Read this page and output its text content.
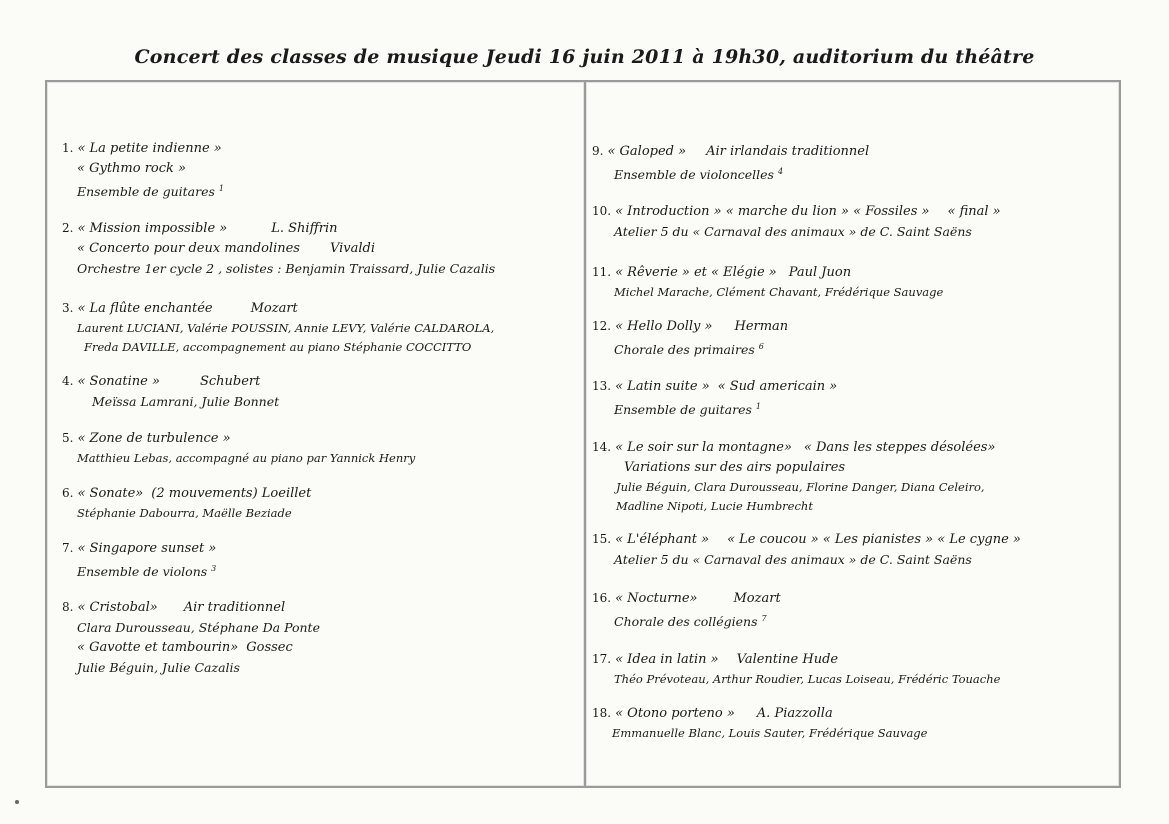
Concert des classes de musique Jeudi 16 juin 2011 à 19h30, auditorium du théâtre
1. « La petite indienne »
« Gythmo rock »
Ensemble de guitares $^1$
2. « Mission impossible »	L. Shiffrin
« Concerto pour deux mandolines Vivaldi
Orchestre 1er cycle 2 , solistes : Benjamin Traissard, Julie Cazalis
3. « La flûte enchantée	Mozart
Laurent LUCIANI, Valérie POUSSIN, Annie LEVY, Valérie CALDAROLA,
Freda DAVILLE, accompagnement au piano Stéphanie COCCITTO
4. « Sonatine »	Schubert
Meïssa Lamrani, Julie Bonnet
5. « Zone de turbulence »
Matthieu Lebas, accompagné au piano par Yannick Henry
6. « Sonate» (2 mouvements) Loeillet
Stéphanie Dabourra, Maëlle Beziade
7. « Singapore sunset »
Ensemble de violons $^3$
8. « Cristobal» Air traditionnel
Clara Durousseau, Stéphane Da Ponte
« Gavotte et tambourin» Gossec
Julie Béguin, Julie Cazalis
9. « Galoped » Air irlandais traditionnel
Ensemble de violoncelles $^4$
10. « Introduction » « marche du lion » « Fossiles » « final »
Atelier 5 du « Carnaval des animaux » de C. Saint Saëns
11. « Rêverie » et « Elégie » Paul Juon
Michel Marache, Clément Chavant, Frédérique Sauvage
12. « Hello Dolly » Herman
Chorale des primaires $^6$
13. « Latin suite » « Sud americain »
Ensemble de guitares $^1$
14. « Le soir sur la montagne» « Dans les steppes désolées»
Variations sur des airs populaires
Julie Béguin, Clara Durousseau, Florine Danger, Diana Celeiro,
Madline Nipoti, Lucie Humbrecht
15. « L'éléphant » « Le coucou » « Les pianistes » « Le cygne »
Atelier 5 du « Carnaval des animaux » de C. Saint Saëns
16. « Nocturne»	Mozart
Chorale des collégiens $^7$
17. « Idea in latin » Valentine Hude
Théo Prévoteau, Arthur Roudier, Lucas Loiseau, Frédéric Touache
18. « Otono porteno » A. Piazzolla
Emmanuelle Blanc, Louis Sauter, Frédérique Sauvage
